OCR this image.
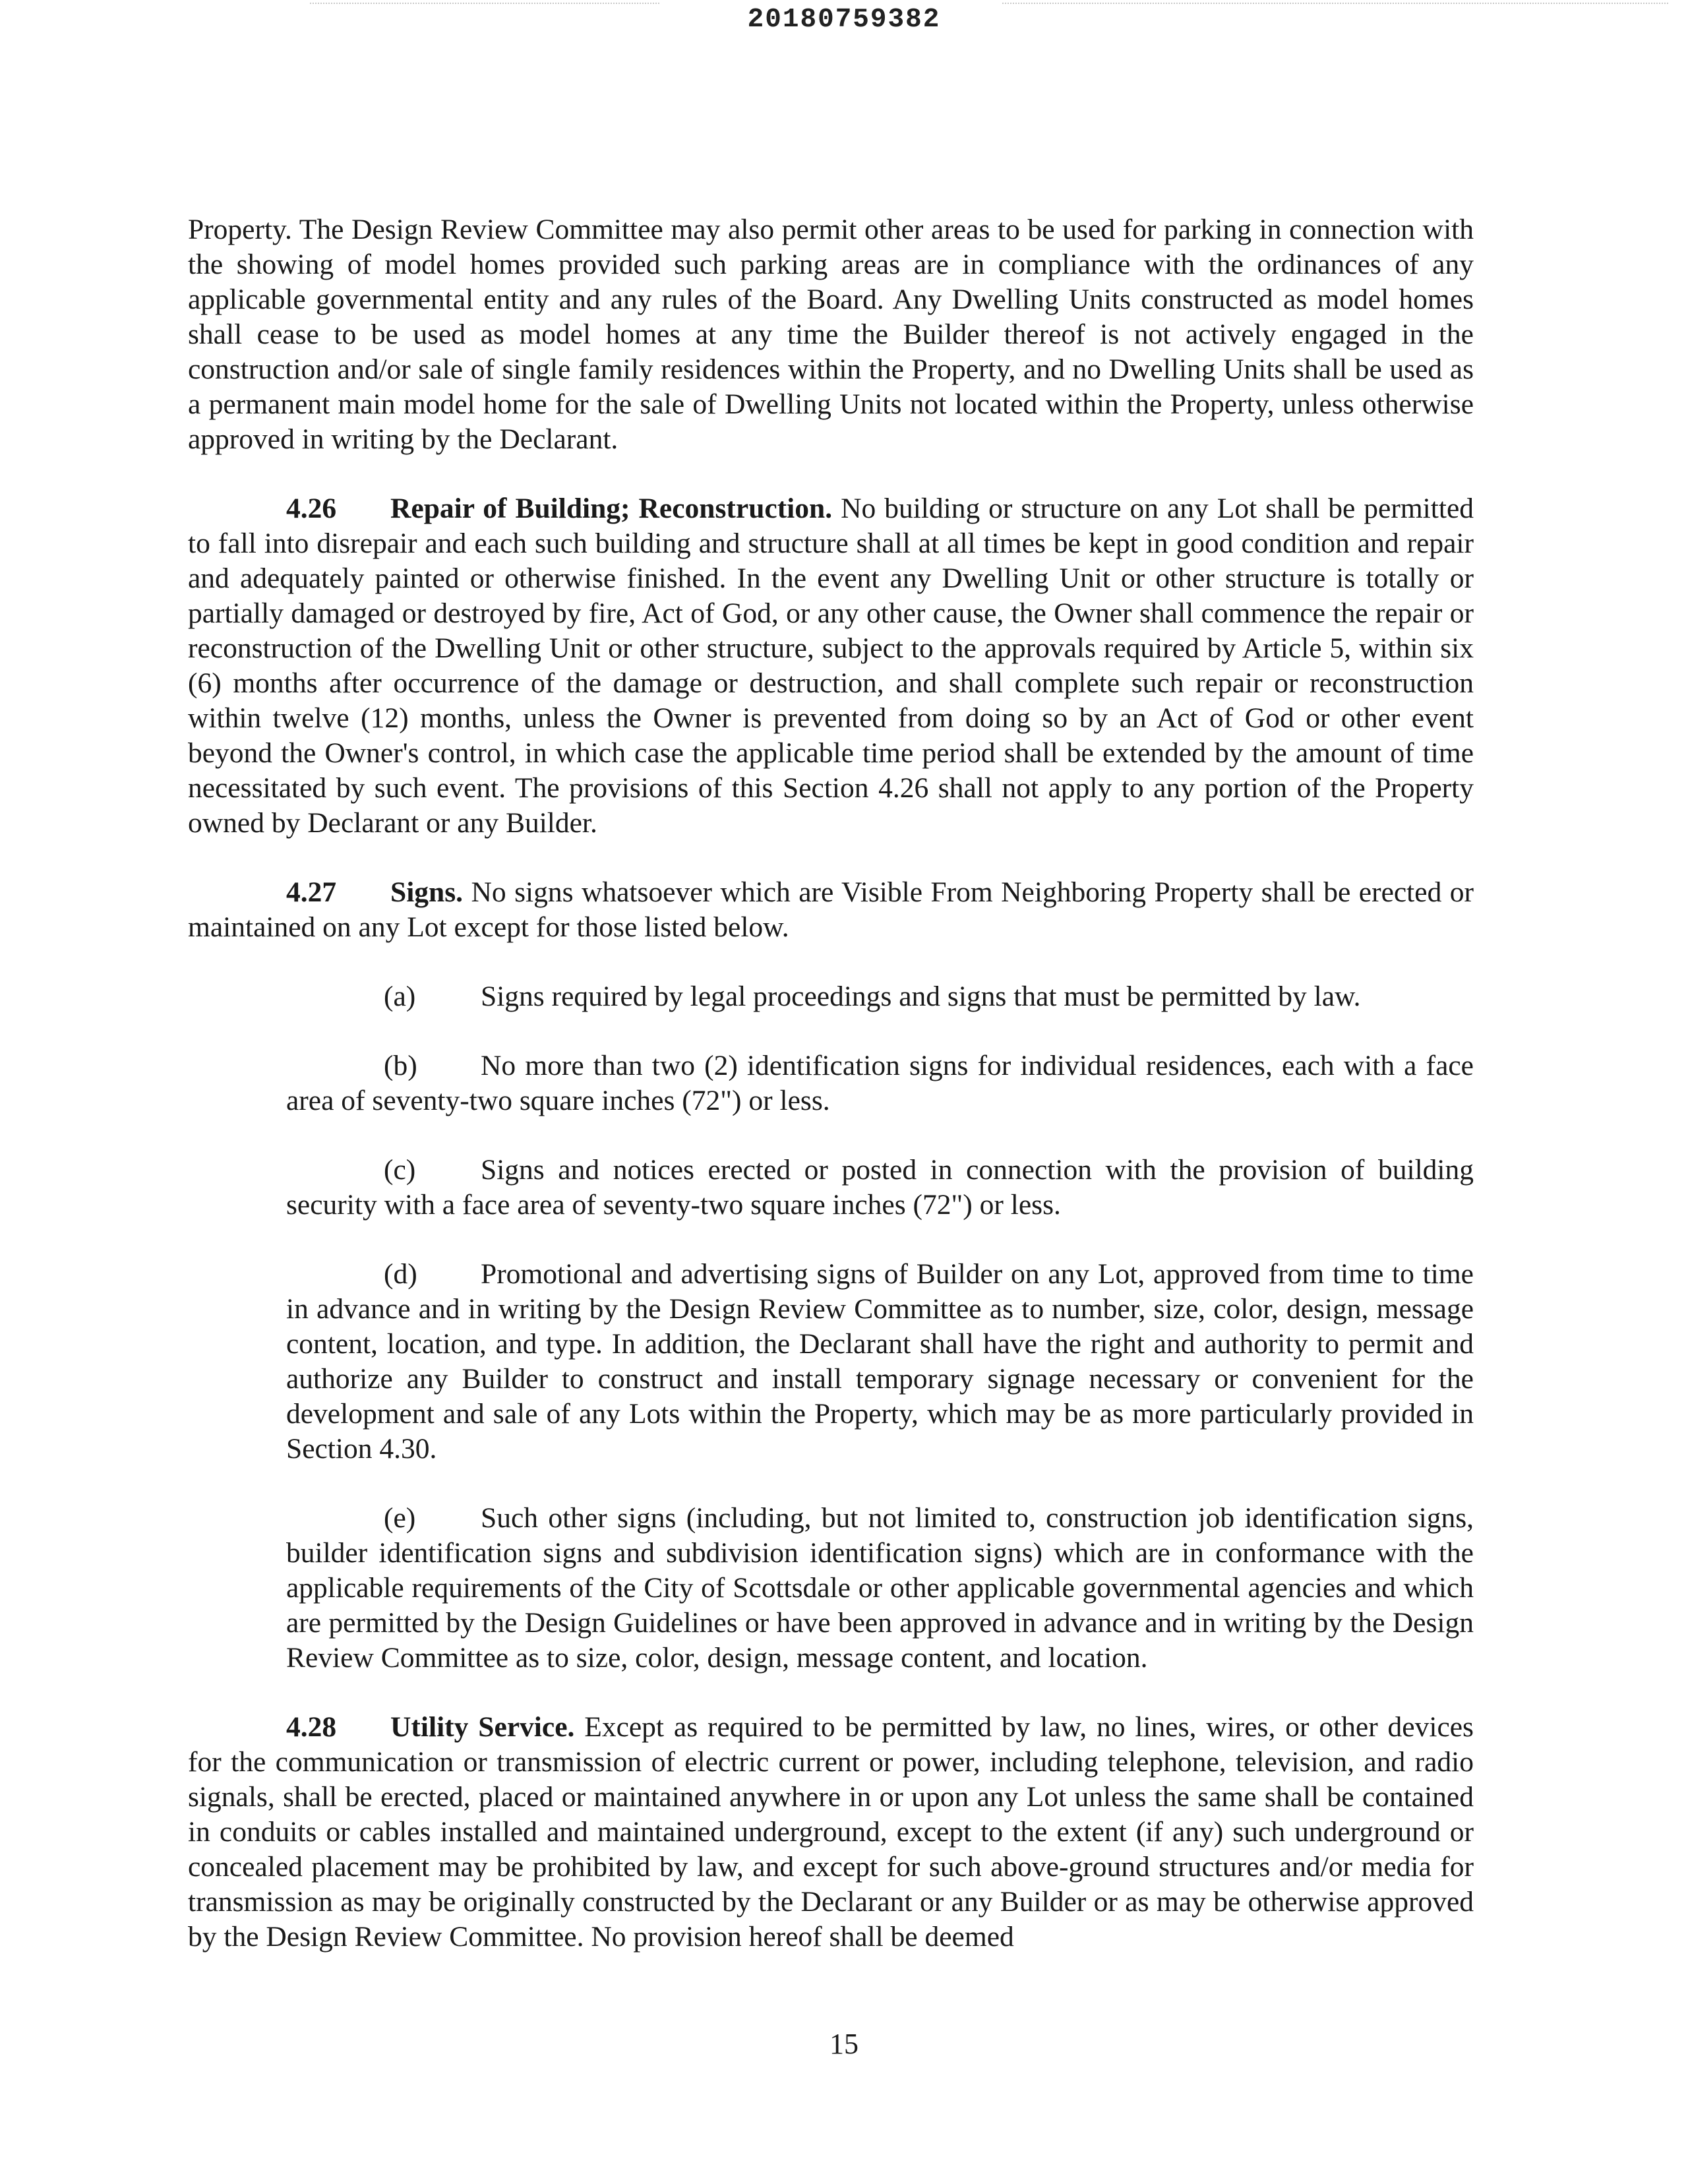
20180759382

Property. The Design Review Committee may also permit other areas to be used for parking in connection with the showing of model homes provided such parking areas are in compliance with the ordinances of any applicable governmental entity and any rules of the Board. Any Dwelling Units constructed as model homes shall cease to be used as model homes at any time the Builder thereof is not actively engaged in the construction and/or sale of single family residences within the Property, and no Dwelling Units shall be used as a permanent main model home for the sale of Dwelling Units not located within the Property, unless otherwise approved in writing by the Declarant.

4.26 Repair of Building; Reconstruction. No building or structure on any Lot shall be permitted to fall into disrepair and each such building and structure shall at all times be kept in good condition and repair and adequately painted or otherwise finished. In the event any Dwelling Unit or other structure is totally or partially damaged or destroyed by fire, Act of God, or any other cause, the Owner shall commence the repair or reconstruction of the Dwelling Unit or other structure, subject to the approvals required by Article 5, within six (6) months after occurrence of the damage or destruction, and shall complete such repair or reconstruction within twelve (12) months, unless the Owner is prevented from doing so by an Act of God or other event beyond the Owner's control, in which case the applicable time period shall be extended by the amount of time necessitated by such event. The provisions of this Section 4.26 shall not apply to any portion of the Property owned by Declarant or any Builder.

4.27 Signs. No signs whatsoever which are Visible From Neighboring Property shall be erected or maintained on any Lot except for those listed below.

(a) Signs required by legal proceedings and signs that must be permitted by law.

(b) No more than two (2) identification signs for individual residences, each with a face area of seventy-two square inches (72") or less.

(c) Signs and notices erected or posted in connection with the provision of building security with a face area of seventy-two square inches (72") or less.

(d) Promotional and advertising signs of Builder on any Lot, approved from time to time in advance and in writing by the Design Review Committee as to number, size, color, design, message content, location, and type. In addition, the Declarant shall have the right and authority to permit and authorize any Builder to construct and install temporary signage necessary or convenient for the development and sale of any Lots within the Property, which may be as more particularly provided in Section 4.30.

(e) Such other signs (including, but not limited to, construction job identification signs, builder identification signs and subdivision identification signs) which are in conformance with the applicable requirements of the City of Scottsdale or other applicable governmental agencies and which are permitted by the Design Guidelines or have been approved in advance and in writing by the Design Review Committee as to size, color, design, message content, and location.

4.28 Utility Service. Except as required to be permitted by law, no lines, wires, or other devices for the communication or transmission of electric current or power, including telephone, television, and radio signals, shall be erected, placed or maintained anywhere in or upon any Lot unless the same shall be contained in conduits or cables installed and maintained underground, except to the extent (if any) such underground or concealed placement may be prohibited by law, and except for such above-ground structures and/or media for transmission as may be originally constructed by the Declarant or any Builder or as may be otherwise approved by the Design Review Committee. No provision hereof shall be deemed

15
